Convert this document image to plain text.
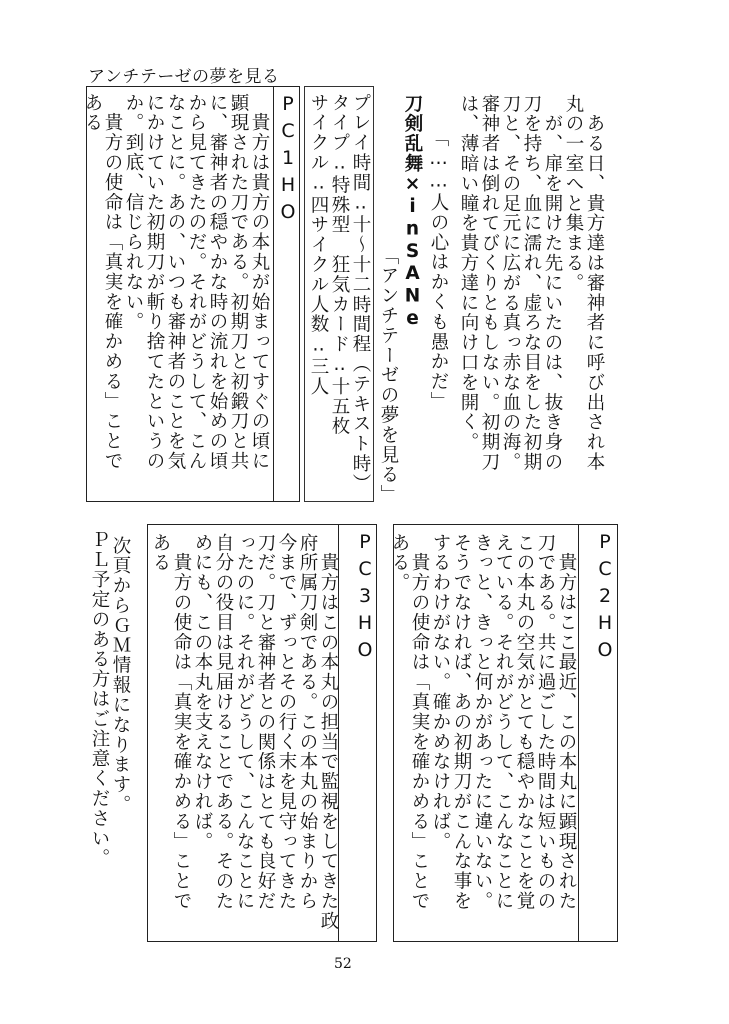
アンチテーゼの夢を見る
　貴方は貴方の本丸が始まってすぐの頃に
顕現された刀である。初期刀と初鍛刀と共
に、審神者の穏やかな時の流れを始めの頃
から見てきたのだ。それがどうして、こん
なことに。あの、いつも審神者のことを気
にかけていた初期刀が斬り捨てたというの
か。到底、信じられない。
　貴方の使命は「真実を確かめる」ことで
ある	PC1HO	プレイ時間‥十〜十二時間程（テキスト時）
タイプ‥特殊型　狂気カード‥十五枚
サイクル‥四サイクル人数‥三人	刀剣乱舞×inSANe 「……人の心はかくも愚かだ」
「アンチテーゼの夢を見る」	　ある日、貴方達は審神者に呼び出され本
丸の一室へと集まる。
　が、扉を開けた先にいたのは、抜き身の
刀を持ち、血に濡れ、虚ろな目をした初期
刀と、その足元に広がる真っ赤な血の海。
審神者は倒れてびくりともしない。初期刀
は、薄暗い瞳を貴方達に向け口を開く。
次頁からＧＭ情報になります。
ＰＬ予定のある方はご注意ください。	　貴方はこの本丸の担当で監視をしてきた政
府所属刀剣である。この本丸の始まりから
今まで、ずっとその行く末を見守ってきた
刀だ。刀と審神者との関係はとても良好だ
ったのに。それがどうして、こんなことに
自分の役目は見届けることである。そのた
めにも、この本丸を支えなければ。
　貴方の使命は「真実を確かめる」ことで
ある	PC3HO	　貴方はここ最近、この本丸に顕現された
刀である。共に過ごした時間は短いものの
この本丸の空気がとても穏やかなことを覚
えている。それがどうして、こんなことに
きっと、きっと何かがあったに違いない。
そうでなければ、あの初期刀がこんな事を
するわけがない。確かめなければ。
　貴方の使命は「真実を確かめる」ことで
ある。	PC2HO
52
